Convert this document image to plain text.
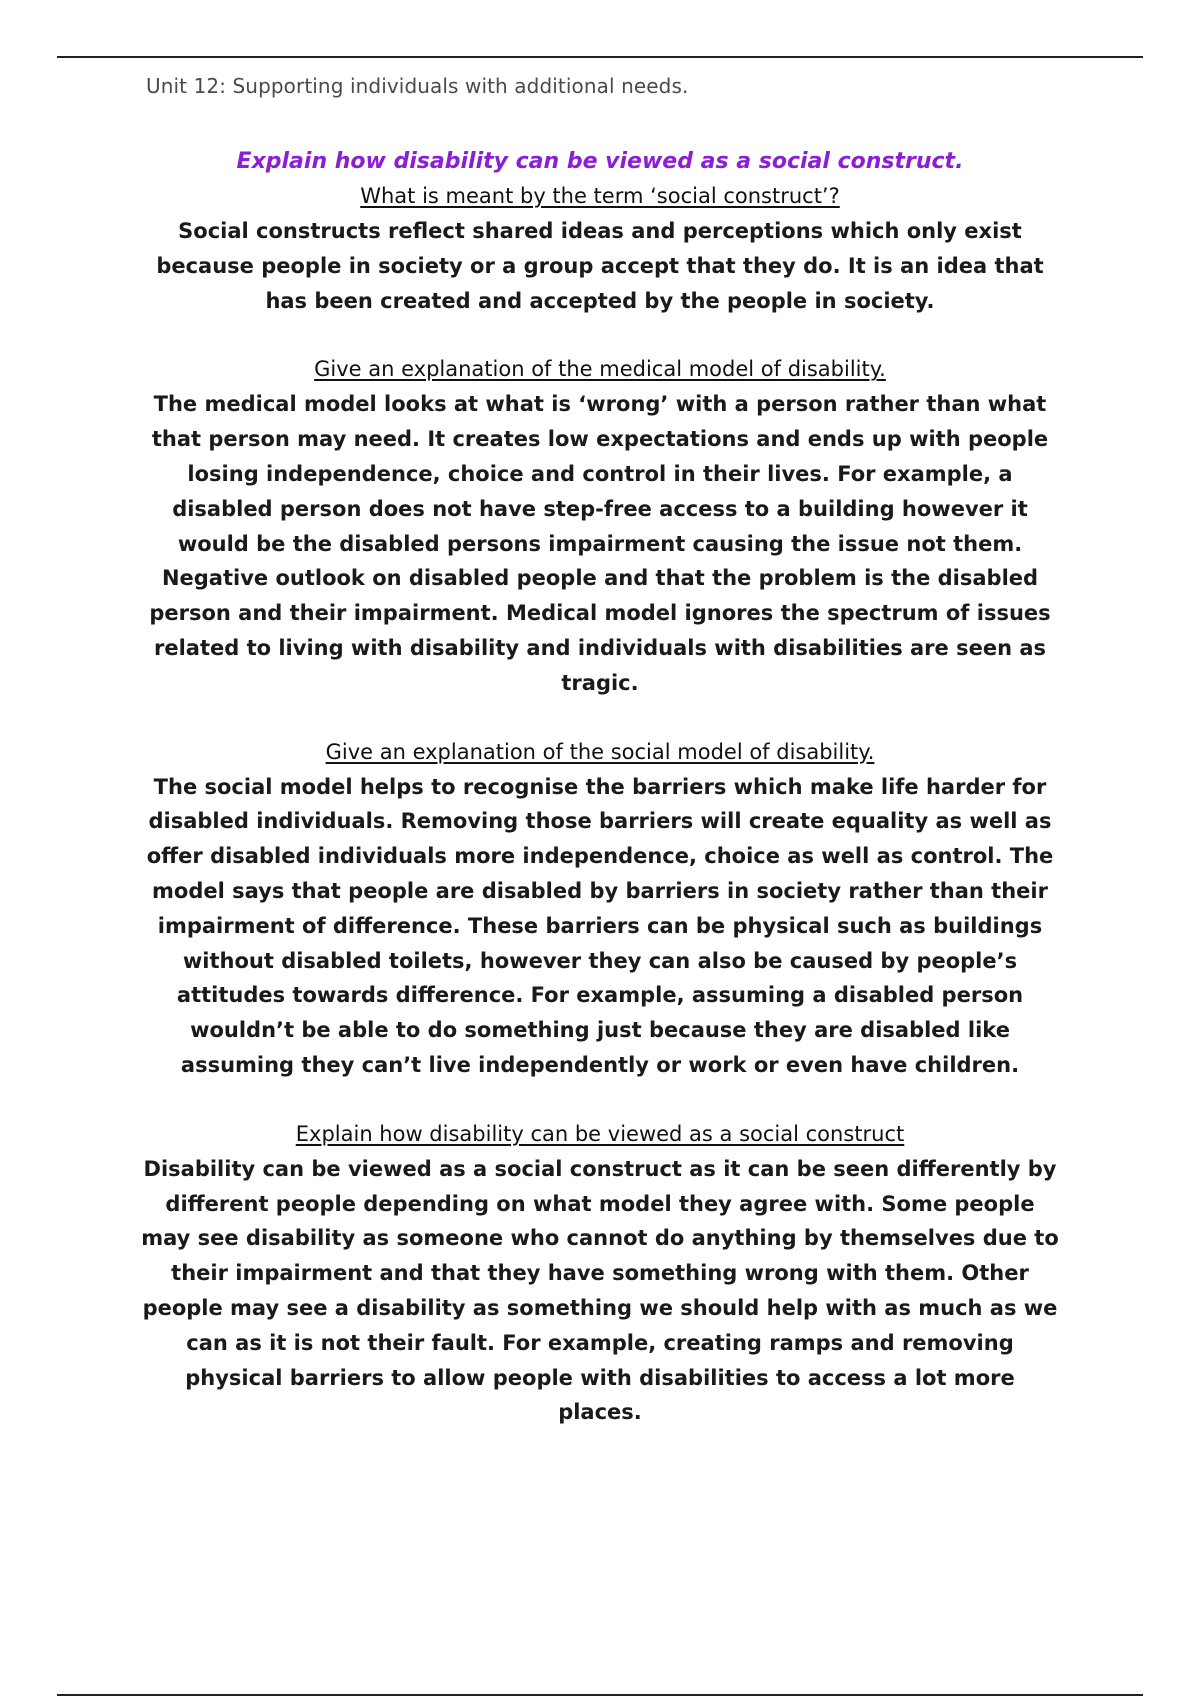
Unit 12: Supporting individuals with additional needs.
Explain how disability can be viewed as a social construct.
What is meant by the term ‘social construct’?
Social constructs reflect shared ideas and perceptions which only exist because people in society or a group accept that they do. It is an idea that has been created and accepted by the people in society.
Give an explanation of the medical model of disability.
The medical model looks at what is ‘wrong’ with a person rather than what that person may need. It creates low expectations and ends up with people losing independence, choice and control in their lives. For example, a disabled person does not have step-free access to a building however it would be the disabled persons impairment causing the issue not them. Negative outlook on disabled people and that the problem is the disabled person and their impairment. Medical model ignores the spectrum of issues related to living with disability and individuals with disabilities are seen as tragic.
Give an explanation of the social model of disability.
The social model helps to recognise the barriers which make life harder for disabled individuals. Removing those barriers will create equality as well as offer disabled individuals more independence, choice as well as control. The model says that people are disabled by barriers in society rather than their impairment of difference. These barriers can be physical such as buildings without disabled toilets, however they can also be caused by people’s attitudes towards difference. For example, assuming a disabled person wouldn’t be able to do something just because they are disabled like assuming they can’t live independently or work or even have children.
Explain how disability can be viewed as a social construct
Disability can be viewed as a social construct as it can be seen differently by different people depending on what model they agree with. Some people may see disability as someone who cannot do anything by themselves due to their impairment and that they have something wrong with them. Other people may see a disability as something we should help with as much as we can as it is not their fault. For example, creating ramps and removing physical barriers to allow people with disabilities to access a lot more places.
